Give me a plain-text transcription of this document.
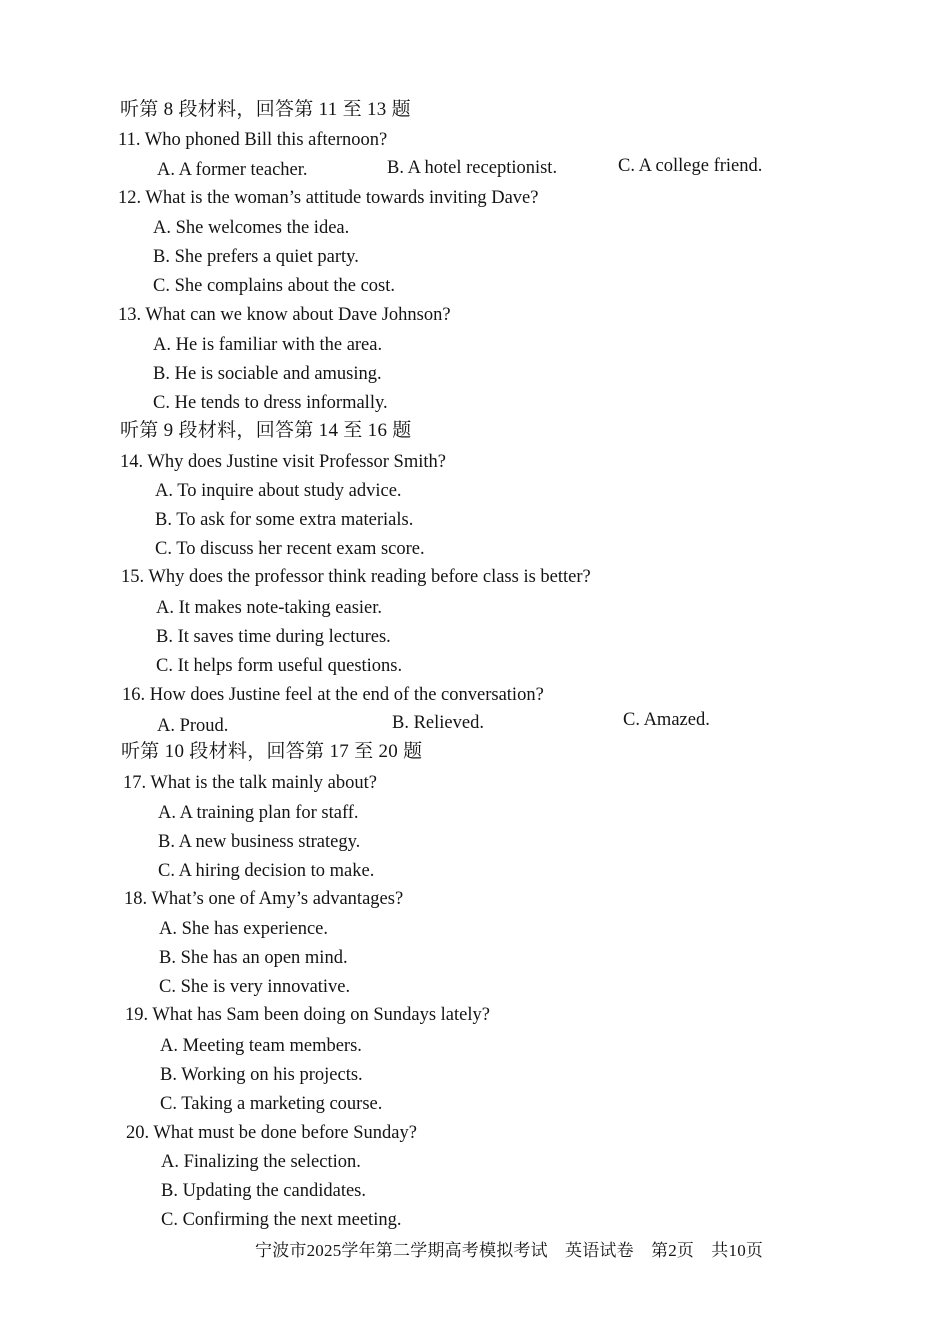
听第 8 段材料，回答第 11 至 13 题
11. Who phoned Bill this afternoon?
A. A former teacher.	B. A hotel receptionist.	C. A college friend.
12. What is the woman’s attitude towards inviting Dave?
A. She welcomes the idea.
B. She prefers a quiet party.
C. She complains about the cost.
13. What can we know about Dave Johnson?
A. He is familiar with the area.
B. He is sociable and amusing.
C. He tends to dress informally.
听第 9 段材料，回答第 14 至 16 题
14. Why does Justine visit Professor Smith?
A. To inquire about study advice.
B. To ask for some extra materials.
C. To discuss her recent exam score.
15. Why does the professor think reading before class is better?
A. It makes note-taking easier.
B. It saves time during lectures.
C. It helps form useful questions.
16. How does Justine feel at the end of the conversation?
A. Proud.	B. Relieved.	C. Amazed.
听第 10 段材料，回答第 17 至 20 题
17. What is the talk mainly about?
A. A training plan for staff.
B. A new business strategy.
C. A hiring decision to make.
18. What’s one of Amy’s advantages?
A. She has experience.
B. She has an open mind.
C. She is very innovative.
19. What has Sam been doing on Sundays lately?
A. Meeting team members.
B. Working on his projects.
C. Taking a marketing course.
20. What must be done before Sunday?
A. Finalizing the selection.
B. Updating the candidates.
C. Confirming the next meeting.
宁波市2025学年第二学期高考模拟考试　英语试卷　第2页　共10页
